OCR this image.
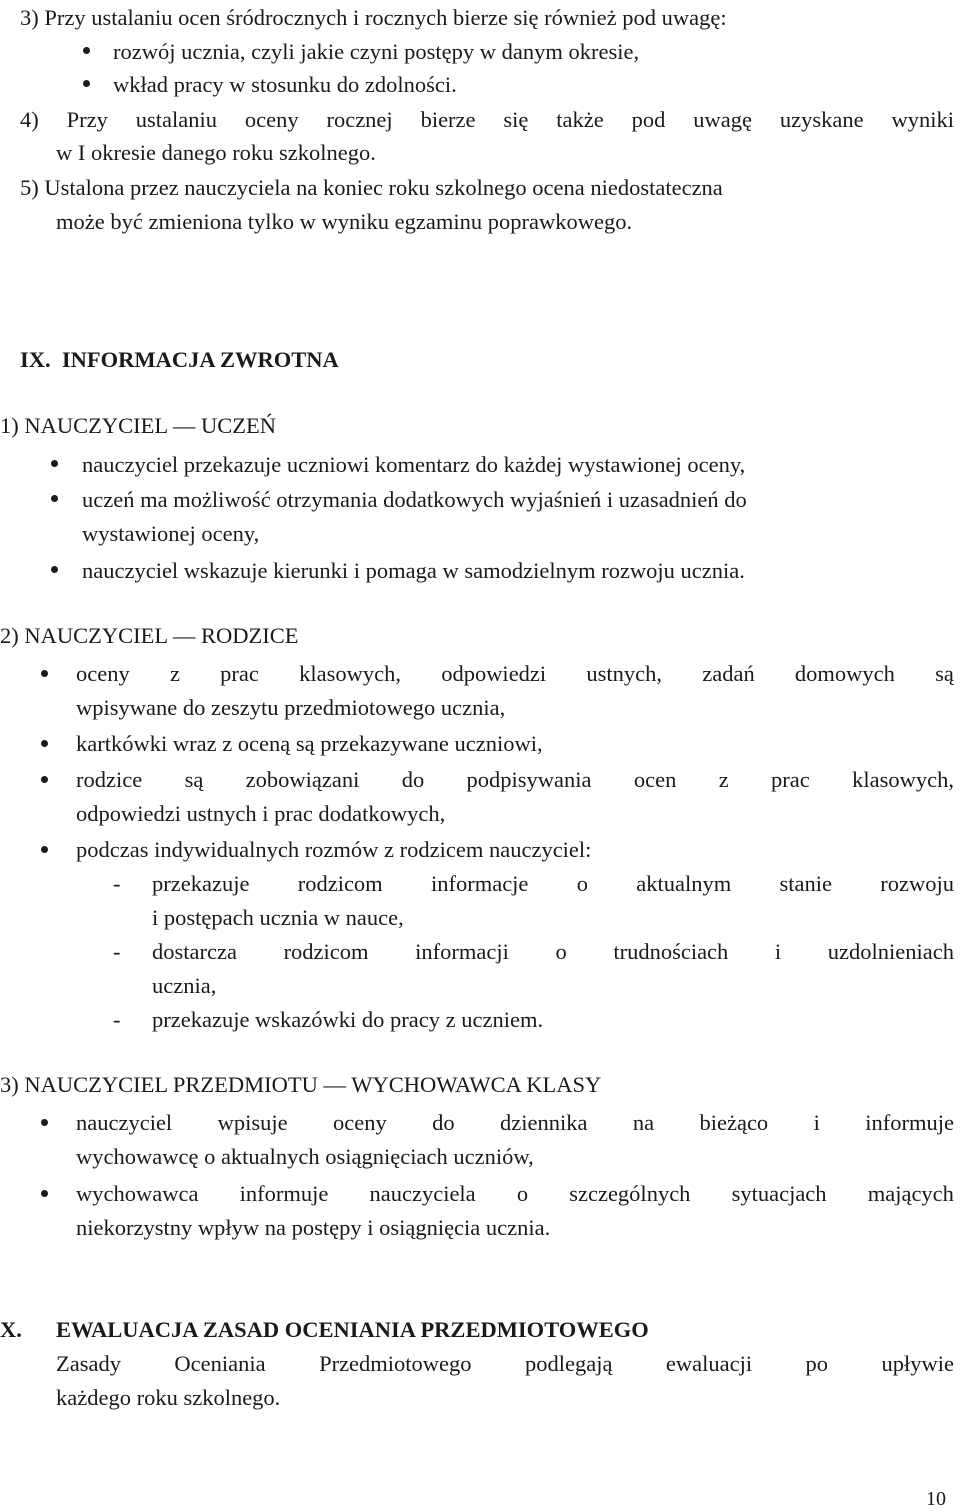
3) Przy ustalaniu ocen śródrocznych i rocznych bierze się również pod uwagę:
rozwój ucznia, czyli jakie czyni postępy w danym okresie,
wkład pracy w stosunku do zdolności.
4) Przy ustalaniu oceny rocznej bierze się także pod uwagę uzyskane wyniki
w I okresie danego roku szkolnego.
5) Ustalona przez nauczyciela na koniec roku szkolnego ocena niedostateczna
może być zmieniona tylko w wyniku egzaminu poprawkowego.
IX.  INFORMACJA ZWROTNA
1) NAUCZYCIEL — UCZEŃ
nauczyciel przekazuje uczniowi komentarz do każdej wystawionej oceny,
uczeń ma możliwość otrzymania dodatkowych wyjaśnień i uzasadnień do
wystawionej oceny,
nauczyciel wskazuje kierunki i pomaga w samodzielnym rozwoju ucznia.
2) NAUCZYCIEL — RODZICE
oceny z prac klasowych, odpowiedzi ustnych, zadań domowych są
wpisywane do zeszytu przedmiotowego ucznia,
kartkówki wraz z oceną są przekazywane uczniowi,
rodzice są zobowiązani do podpisywania ocen z prac klasowych,
odpowiedzi ustnych i prac dodatkowych,
podczas indywidualnych rozmów z rodzicem nauczyciel:
- przekazuje rodzicom informacje o aktualnym stanie rozwoju
i postępach ucznia w nauce,
- dostarcza rodzicom informacji o trudnościach i uzdolnieniach
ucznia,
- przekazuje wskazówki do pracy z uczniem.
3) NAUCZYCIEL PRZEDMIOTU — WYCHOWAWCA KLASY
nauczyciel wpisuje oceny do dziennika na bieżąco i informuje
wychowawcę o aktualnych osiągnięciach uczniów,
wychowawca informuje nauczyciela o szczególnych sytuacjach mających
niekorzystny wpływ na postępy i osiągnięcia ucznia.
X. EWALUACJA ZASAD OCENIANIA PRZEDMIOTOWEGO
Zasady Oceniania Przedmiotowego podlegają ewaluacji po upływie
każdego roku szkolnego.
10
